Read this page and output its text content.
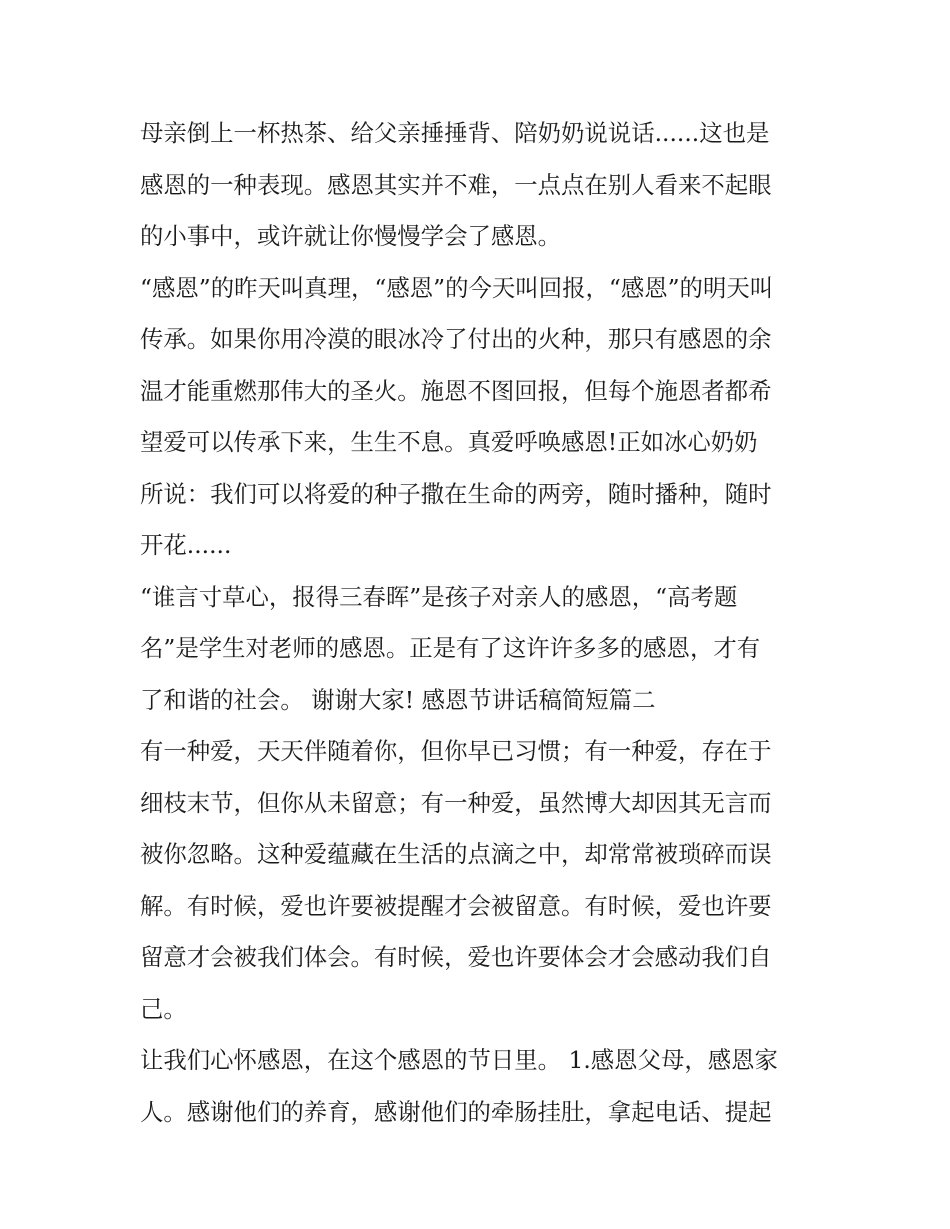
母亲倒上一杯热茶、给父亲捶捶背、陪奶奶说说话......这也是
感恩的一种表现。感恩其实并不难，一点点在别人看来不起眼
的小事中，或许就让你慢慢学会了感恩。
“感恩”的昨天叫真理，“感恩”的今天叫回报，“感恩”的明天叫
传承。如果你用冷漠的眼冰冷了付出的火种，那只有感恩的余
温才能重燃那伟大的圣火。施恩不图回报，但每个施恩者都希
望爱可以传承下来，生生不息。真爱呼唤感恩!正如冰心奶奶
所说：我们可以将爱的种子撒在生命的两旁，随时播种，随时
开花......
“谁言寸草心，报得三春晖”是孩子对亲人的感恩，“高考题
名”是学生对老师的感恩。正是有了这许许多多的感恩，才有
了和谐的社会。 谢谢大家! 感恩节讲话稿简短篇二
有一种爱，天天伴随着你，但你早已习惯；有一种爱，存在于
细枝末节，但你从未留意；有一种爱，虽然博大却因其无言而
被你忽略。这种爱蕴藏在生活的点滴之中，却常常被琐碎而误
解。有时候，爱也许要被提醒才会被留意。有时候，爱也许要
留意才会被我们体会。有时候，爱也许要体会才会感动我们自
己。
让我们心怀感恩，在这个感恩的节日里。 1.感恩父母，感恩家
人。感谢他们的养育，感谢他们的牵肠挂肚，拿起电话、提起
